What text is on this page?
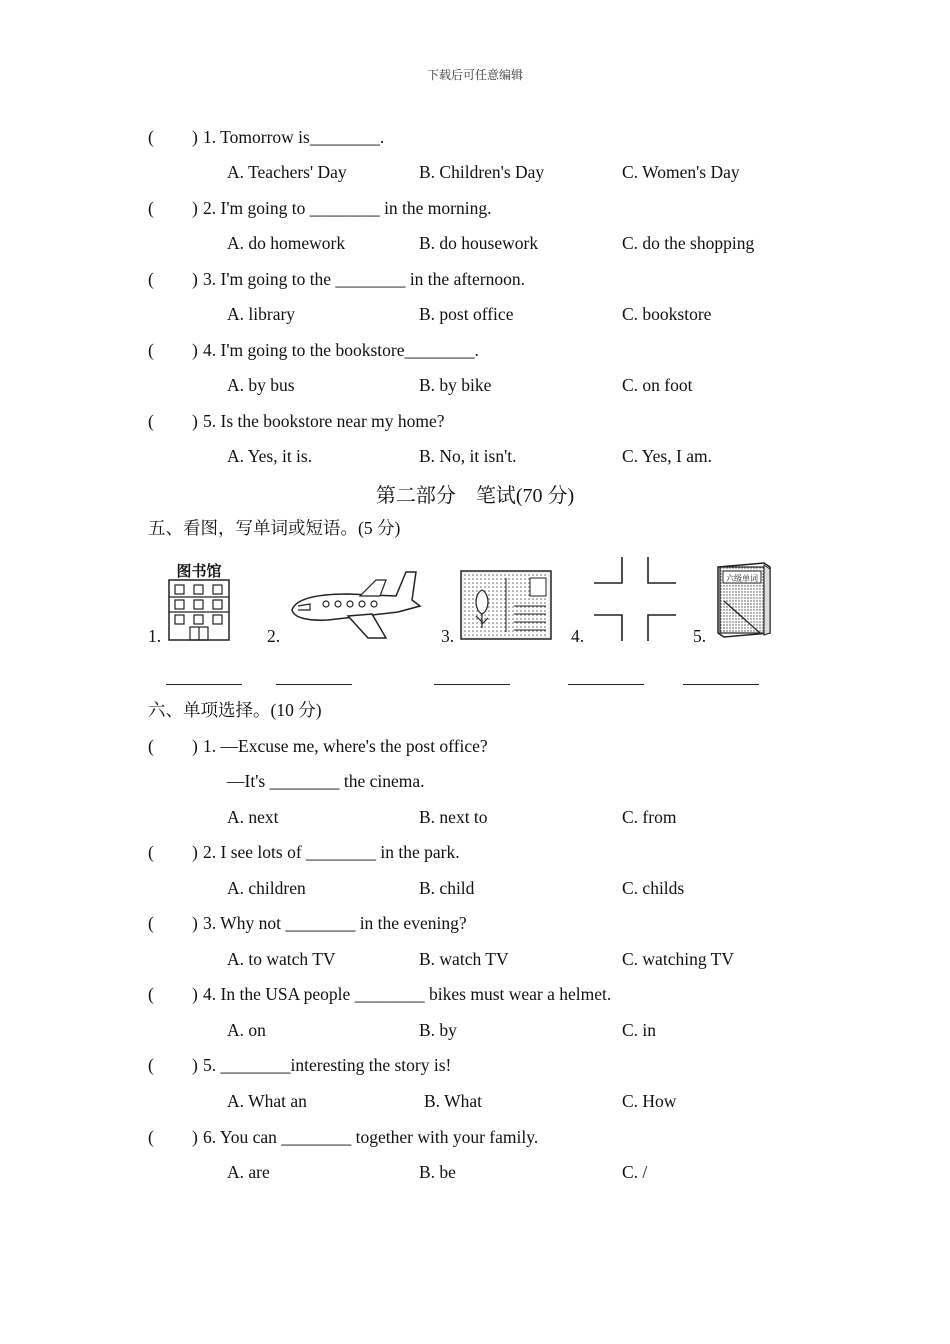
下载后可任意编辑
( ) 1. Tomorrow is________.
A. Teachers' Day	B. Children's Day	C. Women's Day
( ) 2. I'm going to ________ in the morning.
A. do homework	B. do housework	C. do the shopping
( ) 3. I'm going to the ________ in the afternoon.
A. library	B. post office	C. bookstore
( ) 4. I'm going to the bookstore________.
A. by bus	B. by bike	C. on foot
( ) 5. Is the bookstore near my home?
A. Yes, it is.	B. No, it isn't.	C. Yes, I am.
第二部分　笔试(70 分)
五、看图，写单词或短语。(5 分)
1.
图书馆
2.	3.	4.	5.
六级单词
六、单项选择。(10 分)
( ) 1. —Excuse me, where's the post office?
—It's ________ the cinema.
A. next	B. next to	C. from
( ) 2. I see lots of ________ in the park.
A. children	B. child	C. childs
( ) 3. Why not ________ in the evening?
A. to watch TV	B. watch TV	C. watching TV
( ) 4. In the USA people ________ bikes must wear a helmet.
A. on	B. by	C. in
( ) 5. ________interesting the story is!
A. What an	B. What	C. How
( ) 6. You can ________ together with your family.
A. are	B. be	C. /
